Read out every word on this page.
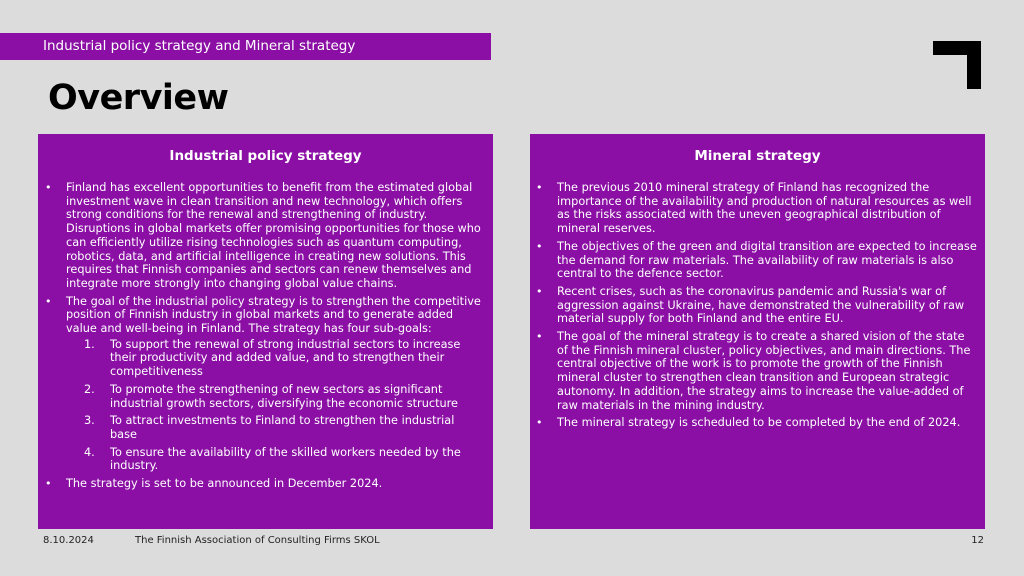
Industrial policy strategy and Mineral strategy
Overview
Industrial policy strategy
• Finland has excellent opportunities to benefit from the estimated global investment wave in clean transition and new technology, which offers strong conditions for the renewal and strengthening of industry. Disruptions in global markets offer promising opportunities for those who can efficiently utilize rising technologies such as quantum computing, robotics, data, and artificial intelligence in creating new solutions. This requires that Finnish companies and sectors can renew themselves and integrate more strongly into changing global value chains.
• The goal of the industrial policy strategy is to strengthen the competitive position of Finnish industry in global markets and to generate added value and well-being in Finland. The strategy has four sub-goals:
1. To support the renewal of strong industrial sectors to increase their productivity and added value, and to strengthen their competitiveness
2. To promote the strengthening of new sectors as significant industrial growth sectors, diversifying the economic structure
3. To attract investments to Finland to strengthen the industrial base
4. To ensure the availability of the skilled workers needed by the industry.
• The strategy is set to be announced in December 2024.
Mineral strategy
• The previous 2010 mineral strategy of Finland has recognized the importance of the availability and production of natural resources as well as the risks associated with the uneven geographical distribution of mineral reserves.
• The objectives of the green and digital transition are expected to increase the demand for raw materials. The availability of raw materials is also central to the defence sector.
• Recent crises, such as the coronavirus pandemic and Russia's war of aggression against Ukraine, have demonstrated the vulnerability of raw material supply for both Finland and the entire EU.
• The goal of the mineral strategy is to create a shared vision of the state of the Finnish mineral cluster, policy objectives, and main directions. The central objective of the work is to promote the growth of the Finnish mineral cluster to strengthen clean transition and European strategic autonomy. In addition, the strategy aims to increase the value-added of raw materials in the mining industry.
• The mineral strategy is scheduled to be completed by the end of 2024.
8.10.2024	The Finnish Association of Consulting Firms SKOL	12
